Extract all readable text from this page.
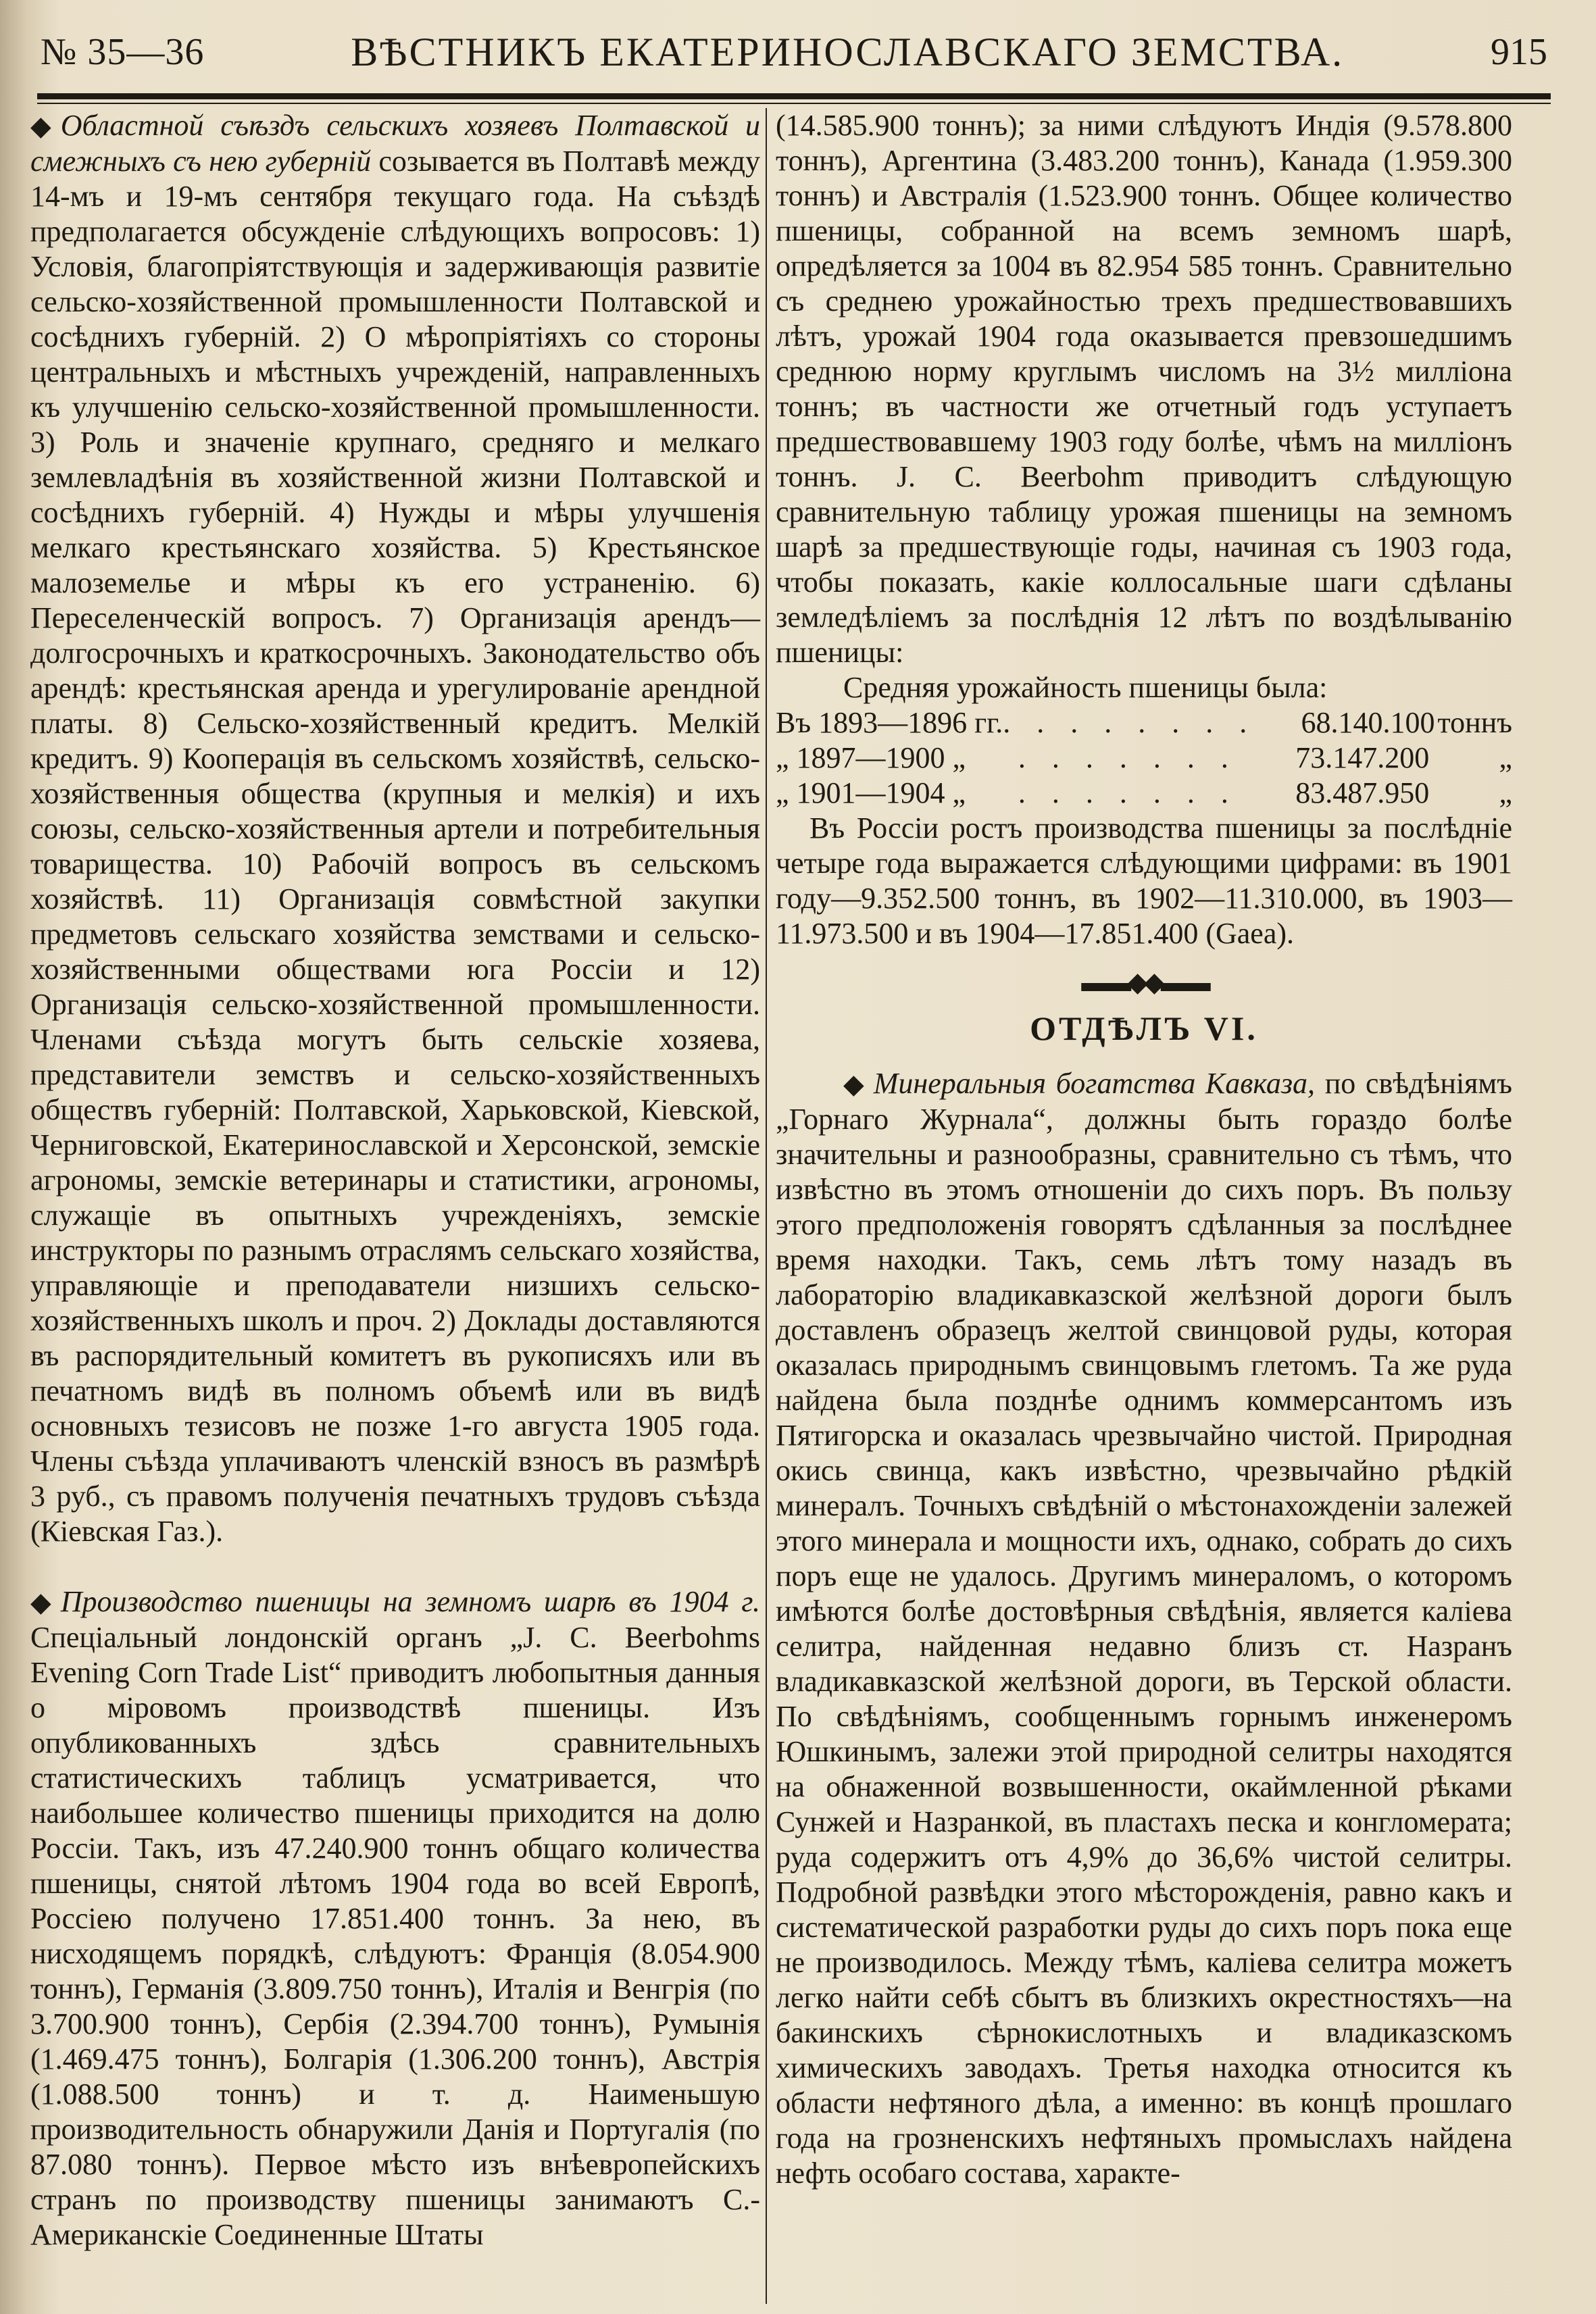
№ 35—36	ВѢСТНИКЪ ЕКАТЕРИНОСЛАВСКАГО ЗЕМСТВА.	915

◆ Областной съѣздъ сельскихъ хозяевъ Полтавской и смежныхъ съ нею губерній созывается въ Полтавѣ между 14-мъ и 19-мъ сентября текущаго года. На съѣздѣ предполагается обсужденіе слѣдующихъ вопросовъ: 1) Условія, благопріятствующія и задерживающія развитіе сельско-хозяйственной промышленности Полтавской и сосѣднихъ губерній. 2) О мѣропріятіяхъ со стороны центральныхъ и мѣстныхъ учрежденій, направленныхъ къ улучшенію сельско-хозяйственной промышленности. 3) Роль и значеніе крупнаго, средняго и мелкаго землевладѣнія въ хозяйственной жизни Полтавской и сосѣднихъ губерній. 4) Нужды и мѣры улучшенія мелкаго крестьянскаго хозяйства. 5) Крестьянское малоземелье и мѣры къ его устраненію. 6) Переселенческій вопросъ. 7) Организація арендъ—долгосрочныхъ и краткосрочныхъ. Законодательство объ арендѣ: крестьянская аренда и урегулированіе арендной платы. 8) Сельско-хозяйственный кредитъ. Мелкій кредитъ. 9) Кооперація въ сельскомъ хозяйствѣ, сельско-хозяйственныя общества (крупныя и мелкія) и ихъ союзы, сельско-хозяйственныя артели и потребительныя товарищества. 10) Рабочій вопросъ въ сельскомъ хозяйствѣ. 11) Организація совмѣстной закупки предметовъ сельскаго хозяйства земствами и сельско-хозяйственными обществами юга Россіи и 12) Организація сельско-хозяйственной промышленности. Членами съѣзда могутъ быть сельскіе хозяева, представители земствъ и сельско-хозяйственныхъ обществъ губерній: Полтавской, Харьковской, Кіевской, Черниговской, Екатеринославской и Херсонской, земскіе агрономы, земскіе ветеринары и статистики, агрономы, служащіе въ опытныхъ учрежденіяхъ, земскіе инструкторы по разнымъ отраслямъ сельскаго хозяйства, управляющіе и преподаватели низшихъ сельско-хозяйственныхъ школъ и проч. 2) Доклады доставляются въ распорядительный комитетъ въ рукописяхъ или въ печатномъ видѣ въ полномъ объемѣ или въ видѣ основныхъ тезисовъ не позже 1-го августа 1905 года. Члены съѣзда уплачиваютъ членскій взносъ въ размѣрѣ 3 руб., съ правомъ полученія печатныхъ трудовъ съѣзда (Кіевская Газ.).

◆ Производство пшеницы на земномъ шарѣ въ 1904 г. Спеціальный лондонскій органъ „J. C. Beerbohms Evening Corn Trade List“ приводитъ любопытныя данныя о міровомъ производствѣ пшеницы. Изъ опубликованныхъ здѣсь сравнительныхъ статистическихъ таблицъ усматривается, что наибольшее количество пшеницы приходится на долю Россіи. Такъ, изъ 47.240.900 тоннъ общаго количества пшеницы, снятой лѣтомъ 1904 года во всей Европѣ, Россіею получено 17.851.400 тоннъ. За нею, въ нисходящемъ порядкѣ, слѣдуютъ: Франція (8.054.900 тоннъ), Германія (3.809.750 тоннъ), Италія и Венгрія (по 3.700.900 тоннъ), Сербія (2.394.700 тоннъ), Румынія (1.469.475 тоннъ), Болгарія (1.306.200 тоннъ), Австрія (1.088.500 тоннъ) и т. д. Наименьшую производительность обнаружили Данія и Португалія (по 87.080 тоннъ). Первое мѣсто изъ внѣевропейскихъ странъ по производству пшеницы занимаютъ С.-Американскіе Соединенные Штаты

(14.585.900 тоннъ); за ними слѣдуютъ Индія (9.578.800 тоннъ), Аргентина (3.483.200 тоннъ), Канада (1.959.300 тоннъ) и Австралія (1.523.900 тоннъ. Общее количество пшеницы, собранной на всемъ земномъ шарѣ, опредѣляется за 1004 въ 82.954 585 тоннъ. Сравнительно съ среднею урожайностью трехъ предшествовавшихъ лѣтъ, урожай 1904 года оказывается превзошедшимъ среднюю норму круглымъ числомъ на 3½ милліона тоннъ; въ частности же отчетный годъ уступаетъ предшествовавшему 1903 году болѣе, чѣмъ на милліонъ тоннъ. J. C. Beerbohm приводитъ слѣдующую сравнительную таблицу урожая пшеницы на земномъ шарѣ за предшествующіе годы, начиная съ 1903 года, чтобы показать, какіе коллосальные шаги сдѣланы земледѣлiемъ за послѣднія 12 лѣтъ по воздѣлыванію пшеницы:

Средняя урожайность пшеницы была:
Въ 1893—1896 гг. . . . . . . . .	68.140.100 тоннъ
„ 1897—1900 „	. . . . . . .	73.147.200	„
„ 1901—1904 „	. . . . . . .	83.487.950	„

Въ Россіи ростъ производства пшеницы за послѣдніе четыре года выражается слѣдующими цифрами: въ 1901 году—9.352.500 тоннъ, въ 1902—11.310.000, въ 1903—11.973.500 и въ 1904—17.851.400 (Gaea).

▬▬◆◆▬▬
ОТДѢЛЪ VI.

◆ Минеральныя богатства Кавказа, по свѣдѣніямъ „Горнаго Журнала“, должны быть гораздо болѣе значительны и разнообразны, сравнительно съ тѣмъ, что извѣстно въ этомъ отношеніи до сихъ поръ. Въ пользу этого предположенія говорятъ сдѣланныя за послѣднее время находки. Такъ, семь лѣтъ тому назадъ въ лабораторію владикавказской желѣзной дороги былъ доставленъ образецъ желтой свинцовой руды, которая оказалась природнымъ свинцовымъ глетомъ. Та же руда найдена была позднѣе однимъ коммерсантомъ изъ Пятигорска и оказалась чрезвычайно чистой. Природная окись свинца, какъ извѣстно, чрезвычайно рѣдкій минералъ. Точныхъ свѣдѣній о мѣстонахожденіи залежей этого минерала и мощности ихъ, однако, собрать до сихъ поръ еще не удалось. Другимъ минераломъ, о которомъ имѣются болѣе достовѣрныя свѣдѣнія, является каліева селитра, найденная недавно близъ ст. Назранъ владикавказской желѣзной дороги, въ Терской области. По свѣдѣніямъ, сообщеннымъ горнымъ инженеромъ Юшкинымъ, залежи этой природной селитры находятся на обнаженной возвышенности, окаймленной рѣками Сунжей и Назранкой, въ пластахъ песка и конгломерата; руда содержитъ отъ 4,9% до 36,6% чистой селитры. Подробной развѣдки этого мѣсторожденія, равно какъ и систематической разработки руды до сихъ поръ пока еще не производилось. Между тѣмъ, каліева селитра можетъ легко найти себѣ сбытъ въ близкихъ окрестностяхъ—на бакинскихъ сѣрнокислотныхъ и владиказскомъ химическихъ заводахъ. Третья находка относится къ области нефтяного дѣла, а именно: въ концѣ прошлаго года на грозненскихъ нефтяныхъ промыслахъ найдена нефть особаго состава, характе-
